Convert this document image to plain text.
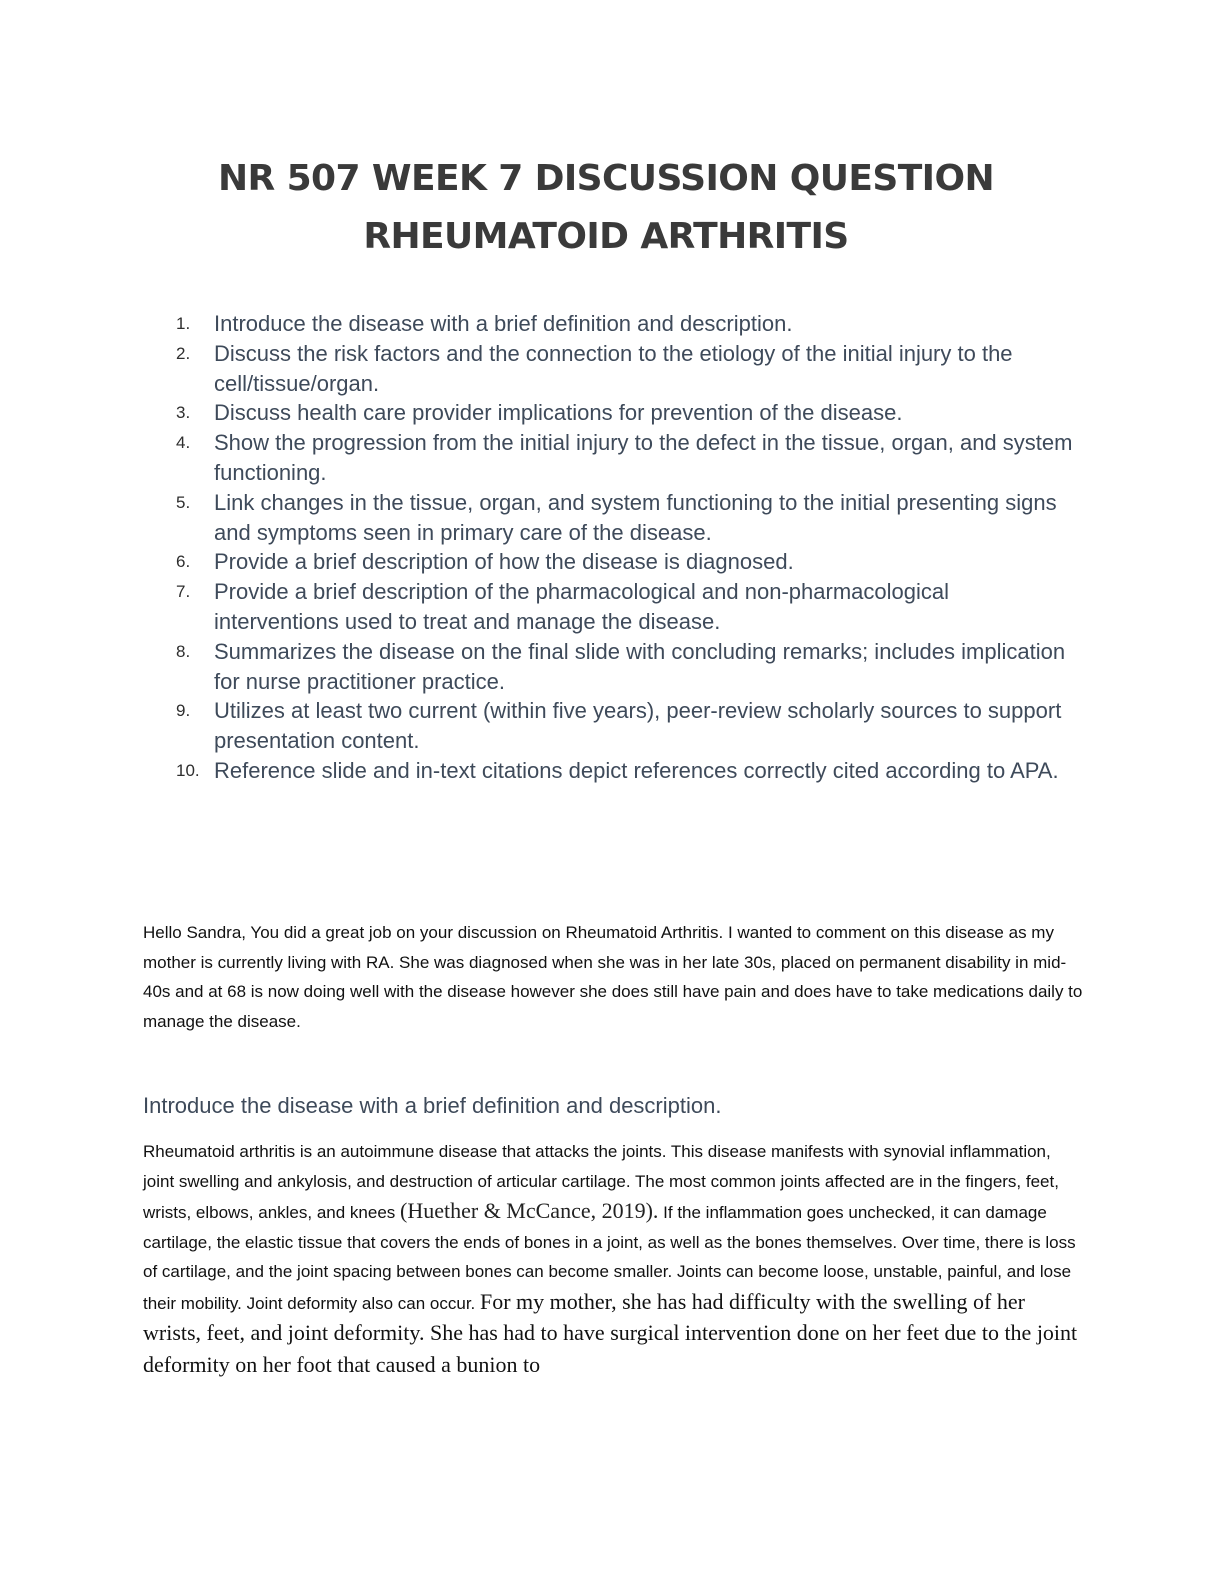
NR 507 WEEK 7 DISCUSSION QUESTION
RHEUMATOID ARTHRITIS
1. Introduce the disease with a brief definition and description.
2. Discuss the risk factors and the connection to the etiology of the initial injury to the cell/tissue/organ.
3. Discuss health care provider implications for prevention of the disease.
4. Show the progression from the initial injury to the defect in the tissue, organ, and system functioning.
5. Link changes in the tissue, organ, and system functioning to the initial presenting signs and symptoms seen in primary care of the disease.
6. Provide a brief description of how the disease is diagnosed.
7. Provide a brief description of the pharmacological and non-pharmacological interventions used to treat and manage the disease.
8. Summarizes the disease on the final slide with concluding remarks; includes implication for nurse practitioner practice.
9. Utilizes at least two current (within five years), peer-review scholarly sources to support presentation content.
10. Reference slide and in-text citations depict references correctly cited according to APA.

Hello Sandra, You did a great job on your discussion on Rheumatoid Arthritis. I wanted to comment on this disease as my mother is currently living with RA. She was diagnosed when she was in her late 30s, placed on permanent disability in mid-40s and at 68 is now doing well with the disease however she does still have pain and does have to take medications daily to manage the disease.

Introduce the disease with a brief definition and description.

Rheumatoid arthritis is an autoimmune disease that attacks the joints. This disease manifests with synovial inflammation, joint swelling and ankylosis, and destruction of articular cartilage. The most common joints affected are in the fingers, feet, wrists, elbows, ankles, and knees (Huether & McCance, 2019). If the inflammation goes unchecked, it can damage cartilage, the elastic tissue that covers the ends of bones in a joint, as well as the bones themselves. Over time, there is loss of cartilage, and the joint spacing between bones can become smaller. Joints can become loose, unstable, painful, and lose their mobility. Joint deformity also can occur. For my mother, she has had difficulty with the swelling of her wrists, feet, and joint deformity. She has had to have surgical intervention done on her feet due to the joint deformity on her foot that caused a bunion to
